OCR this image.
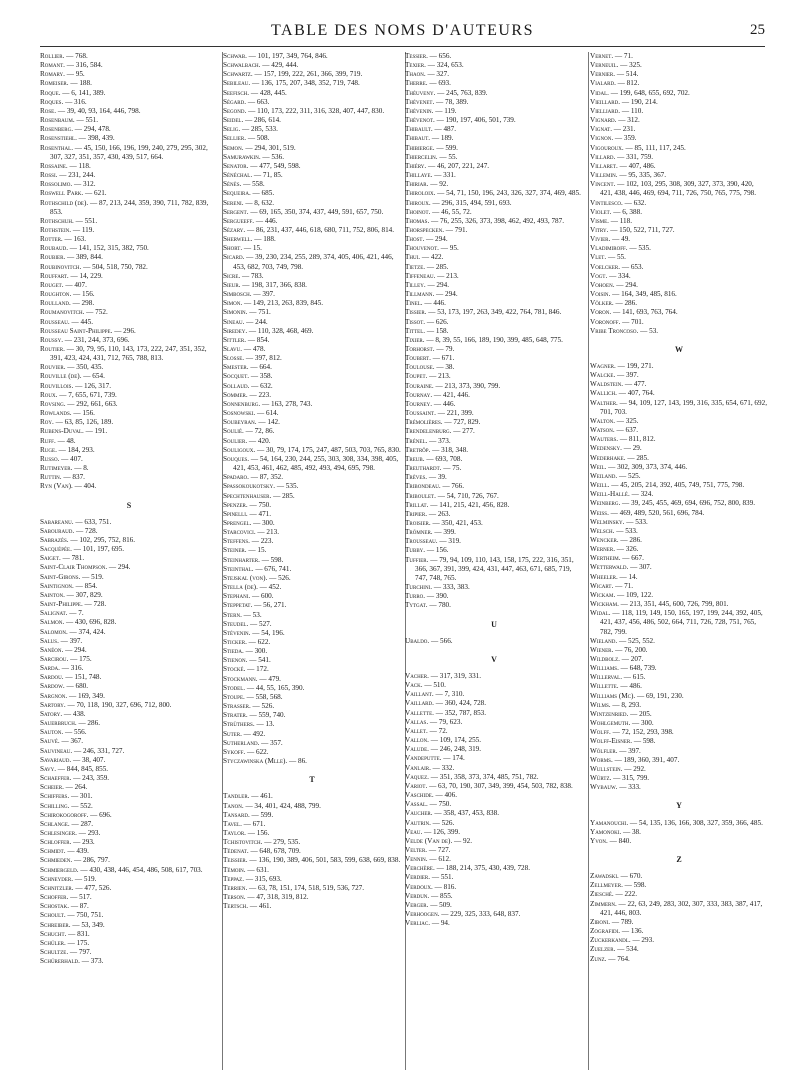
TABLE DES NOMS D'AUTEURS	25

Rollier. — 768.

Romant. — 316, 584.

Romary. — 95.

Romeiser. — 188.

Roque. — 6, 141, 389.

Roques. — 316.

Rose. — 39, 40, 93, 164, 446, 798.

Rosenbaum. — 551.

Rosenberg. — 294, 478.

Rosenstiehl. — 398, 439.

Rosenthal. — 45, 150, 166, 196, 199, 240, 279, 295, 302, 307, 327, 351, 357, 430, 439, 517, 664.

Rossaine. — 118.

Rossi. — 231, 244.

Rossolimo. — 312.

Roswell Park. — 621.

Rothschild (de). — 87, 213, 244, 359, 390, 711, 782, 839, 853.

Rothschuh. — 551.

Rothstein. — 119.

Rotter. — 163.

Roubaud. — 141, 152, 315, 382, 750.

Roubier. — 389, 844.

Roubinovitch. — 504, 518, 750, 782.

Rouffart. — 14, 229.

Rouget. — 407.

Roughton. — 156.

Roulland. — 298.

Roumanovitch. — 752.

Rousseau. — 445.

Rousseau Saint-Philippe. — 296.

Roussy. — 231, 244, 373, 696.

Routier. — 30, 79, 95, 110, 143, 173, 222, 247, 351, 352, 391, 423, 424, 431, 712, 765, 788, 813.

Rouvier. — 350, 435.

Rouville (de). — 654.

Rouvillois. — 126, 317.

Roux. — 7, 655, 671, 739.

Rovsing. — 292, 661, 663.

Rowlands. — 156.

Roy. — 63, 85, 126, 189.

Rubens-Duval. — 191.

Ruff. — 48.

Ruge. — 184, 293.

Russo. — 407.

Rutimeyer. — 8.

Ruttin. — 837.

Ryn (Van). — 404.

S

Sabareanu. — 633, 751.

Sabouraud. — 728.

Sabrazès. — 102, 295, 752, 816.

Sacquépée. — 101, 197, 695.

Saiget. — 781.

Saint-Clair Thompson. — 294.

Saint-Girons. — 519.

Saintignon. — 854.

Sainton. — 307, 829.

Saint-Philippe. — 728.

Salignat. — 7.

Salmon. — 430, 696, 828.

Salomon. — 374, 424.

Salus. — 397.

Sanéon. — 294.

Sarcirou. — 175.

Sarda. — 316.

Sardou. — 151, 748.

Sardow. — 680.

Sargnon. — 169, 349.

Sartory. — 70, 118, 190, 327, 696, 712, 800.

Satory. — 438.

Sauerbruch. — 286.

Sauton. — 556.

Sauvé. — 367.

Sauvineau. — 246, 331, 727.

Savariaud. — 38, 407.

Savy. — 844, 845, 855.

Schaeffer. — 243, 359.

Scheier. — 264.

Schiffers. — 301.

Schilling. — 552.

Schirokogoroff. — 696.

Schlange. — 287.

Schlesinger. — 293.

Schloffer. — 293.

Schmidt. — 439.

Schmieden. — 286, 797.

Schmiergeld. — 430, 438, 446, 454, 486, 508, 617, 703.

Schneyder. — 519.

Schnitzler. — 477, 526.

Schoffer. — 517.

Schostak. — 87.

Schoult. — 750, 751.

Schreiber. — 53, 349.

Schucht. — 831.

Schüler. — 175.

Schultze. — 797.

Schürerhald. — 373.

Schwab. — 101, 197, 349, 764, 846.

Schwalbach. — 429, 444.

Schwartz. — 157, 199, 222, 261, 366, 399, 719.

Sebileau. — 136, 175, 207, 348, 352, 719, 748.

Seefisch. — 428, 445.

Ségard. — 663.

Segond. — 110, 173, 222, 311, 316, 328, 407, 447, 830.

Seidel. — 286, 614.

Selig. — 285, 533.

Sellier. — 508.

Semon. — 294, 301, 519.

Samurawkin. — 536.

Senator. — 477, 549, 598.

Sénéchal. — 71, 85.

Sénès. — 558.

Sequeira. — 685.

Sereni. — 8, 632.

Sergent. — 69, 165, 350, 374, 437, 449, 591, 657, 750.

Sergueeff. — 446.

Sézary. — 86, 231, 437, 446, 618, 680, 711, 752, 806, 814.

Sherwell. — 188.

Short. — 15.

Sicard. — 39, 230, 234, 255, 289, 374, 405, 406, 421, 446, 453, 682, 703, 749, 798.

Sicre. — 783.

Sieur. — 198, 317, 366, 838.

Simbosch. — 397.

Simon. — 149, 213, 263, 839, 845.

Simonin. — 751.

Sineau. — 244.

Siredey. — 110, 328, 468, 469.

Sittler. — 854.

Slavu. — 478.

Slosse. — 397, 812.

Smester. — 664.

Socquet. — 358.

Sollaud. — 632.

Sommer. — 223.

Sonnenburg. — 163, 278, 743.

Sosnowski. — 614.

Soubeyran. — 142.

Soulié. — 72, 86.

Soulier. — 420.

Souligoux. — 30, 79, 174, 175, 247, 487, 503, 703, 765, 830.

Souques. — 54, 164, 230, 244, 255, 303, 308, 334, 398, 405, 421, 453, 461, 462, 485, 492, 493, 494, 695, 798.

Spadaro. — 87, 352.

Spassokoukotsky. — 535.

Spechtenhauser. — 285.

Spenzer. — 750.

Spinelli. — 471.

Sprengel. — 300.

Starcovici. — 213.

Steffens. — 223.

Steiner. — 15.

Steinharter. — 598.

Steinthal. — 676, 741.

Stejskal (von). — 526.

Stella (de). — 452.

Stephani. — 600.

Steppetat. — 56, 271.

Stern. — 53.

Steudel. — 527.

Stévenin. — 54, 196.

Sticker. — 622.

Stieda. — 300.

Stienon. — 541.

Stocké. — 172.

Stockmann. — 479.

Stodel. — 44, 55, 165, 390.

Stoupe. — 558, 568.

Strasser. — 526.

Strater. — 559, 740.

Strüthers. — 13.

Suter. — 492.

Sutherland. — 357.

Sykoff. — 622.

Styczawinska (Mlle). — 86.

T

Tandler. — 461.

Tanon. — 34, 401, 424, 488, 799.

Tansard. — 599.

Tavel. — 671.

Taylor. — 156.

Tchistovitch. — 279, 535.

Tédenat. — 648, 678, 709.

Teissier. — 136, 190, 389, 406, 501, 583, 599, 638, 669, 838.

Témoin. — 631.

Teppaz. — 315, 693.

Terrien. — 63, 78, 151, 174, 518, 519, 536, 727.

Terson. — 47, 318, 319, 812.

Tertsch. — 461.

Tessier. — 656.

Texier. — 324, 653.

Thaon. — 327.

Therre. — 693.

Théuveny. — 245, 763, 839.

Thévenet. — 78, 389.

Thévenin. — 119.

Thévenot. — 190, 197, 406, 501, 739.

Thibault. — 487.

Thibaut. — 189.

Thibierge. — 599.

Thiercelin. — 55.

Thiéry. — 46, 207, 221, 247.

Thillaye. — 331.

Thiriar. — 92.

Thiroloix. — 54, 71, 150, 196, 243, 326, 327, 374, 469, 485.

Thiroux. — 296, 315, 494, 591, 693.

Thoinot. — 46, 55, 72.

Thomas. — 76, 255, 326, 373, 398, 462, 492, 493, 787.

Thorspecken. — 791.

Thost. — 294.

Thouvenot. — 95.

Thui. — 422.

Tietze. — 285.

Tiffeneau. — 213.

Tilley. — 294.

Tillmann. — 294.

Tinel. — 446.

Tissier. — 53, 173, 197, 263, 349, 422, 764, 781, 846.

Tissot. — 626.

Tittel. — 158.

Tixier. — 8, 39, 55, 166, 189, 190, 399, 485, 648, 775.

Torhorst. — 79.

Toubert. — 671.

Toulouse. — 38.

Toupet. — 213.

Touraine. — 213, 373, 390, 799.

Tournay. — 421, 446.

Tourney. — 446.

Toussaint. — 221, 399.

Trémolières. — 727, 829.

Trendelenburg. — 277.

Trénel. — 373.

Tretrôp. — 318, 348.

Treub. — 693, 708.

Treuthardt. — 75.

Trèves. — 39.

Tribondeau. — 766.

Triboulet. — 54, 710, 726, 767.

Trillat. — 141, 215, 421, 456, 828.

Tripier. — 263.

Troisier. — 350, 421, 453.

Trömner. — 399.

Trousseau. — 319.

Tubby. — 156.

Tuffier. — 79, 94, 109, 110, 143, 158, 175, 222, 316, 351, 366, 367, 391, 399, 424, 431, 447, 463, 671, 685, 719, 747, 748, 765.

Turchini. — 333, 383.

Turro. — 390.

Tytgat. — 780.

U

Ubaldo. — 566.

V

Vacher. — 317, 319, 331.

Vack. — 510.

Vaillant. — 7, 310.

Vaillard. — 360, 424, 728.

Vallette. — 352, 787, 853.

Vallas. — 79, 623.

Vallet. — 72.

Vallon. — 109, 174, 255.

Valude. — 246, 248, 319.

Vandeputte. — 174.

Vanlair. — 332.

Vaquez. — 351, 358, 373, 374, 485, 751, 782.

Variot. — 63, 70, 190, 307, 349, 399, 454, 503, 782, 838.

Vaschide. — 406.

Vassal. — 750.

Vaucher. — 358, 437, 453, 838.

Vautrin. — 526.

Veau. — 126, 399.

Velde (Van de). — 92.

Velter. — 727.

Vennin. — 612.

Verchère. — 188, 214, 375, 430, 439, 728.

Verdier. — 551.

Verdoux. — 816.

Verdun. — 855.

Verger. — 509.

Verhoogen. — 229, 325, 333, 648, 837.

Verliac. — 94.

Vernet. — 71.

Verneuil. — 325.

Vernier. — 514.

Vialard. — 812.

Vidal. — 199, 648, 655, 692, 702.

Vieillard. — 190, 214.

Vielliard. — 110.

Vignard. — 312.

Vignat. — 231.

Vignon. — 359.

Vigouroux. — 85, 111, 117, 245.

Villard. — 331, 759.

Villaret. — 407, 486.

Villemin. — 95, 335, 367.

Vincent. — 102, 103, 295, 308, 309, 327, 373, 390, 420, 421, 438, 446, 469, 694, 711, 726, 750, 765, 775, 798.

Vintilesco. — 632.

Violet. — 6, 388.

Visme. — 118.

Vitry. — 150, 522, 711, 727.

Vivier. — 49.

Vladimiroff. — 535.

Vlet. — 55.

Voelcker. — 653.

Vogt. — 334.

Vohoen. — 294.

Voisin. — 164, 349, 485, 816.

Völker. — 286.

Voron. — 141, 693, 763, 764.

Voronoff. — 701.

Vribe Troncoso. — 53.

W

Wagner. — 199, 271.

Walcke. — 397.

Waldstein. — 477.

Wallich. — 407, 764.

Walther. — 94, 109, 127, 143, 199, 316, 335, 654, 671, 692, 701, 703.

Walton. — 325.

Watson. — 637.

Wauters. — 811, 812.

Wedensky. — 29.

Wederhake. — 285.

Weil. — 302, 309, 373, 374, 446.

Weiland. — 525.

Weill. — 45, 205, 214, 392, 405, 749, 751, 775, 798.

Weill-Hallé. — 324.

Weinberg. — 39, 245, 455, 469, 694, 696, 752, 800, 839.

Weiss. — 469, 489, 520, 561, 696, 784.

Welminsky. — 533.

Welsch. — 533.

Wencker. — 286.

Werner. — 326.

Wertheim. — 667.

Wetterwald. — 307.

Wheeler. — 14.

Wicart. — 71.

Wickam. — 109, 122.

Wickham. — 213, 351, 445, 600, 726, 799, 801.

Widal. — 118, 119, 149, 150, 165, 197, 199, 244, 392, 405, 421, 437, 456, 486, 502, 664, 711, 726, 728, 751, 765, 782, 799.

Wieland. — 525, 552.

Wiener. — 76, 200.

Wildbolz. — 207.

Williams. — 648, 739.

Willerval. — 615.

Willette. — 486.

Williams (Mc). — 69, 191, 230.

Wilms. — 8, 293.

Wintzenried. — 205.

Wohlgemuth. — 300.

Wolff. — 72, 152, 293, 398.

Wolff-Eisner. — 598.

Wölfler. — 397.

Worms. — 189, 360, 391, 407.

Wullstein. — 292.

Würtz. — 315, 799.

Wybauw. — 333.

Y

Yamanouchi. — 54, 135, 136, 166, 308, 327, 359, 366, 485.

Yamonoki. — 38.

Yvon. — 840.

Z

Zawadski. — 670.

Zellmeyer. — 598.

Ziesché. — 222.

Zimmern. — 22, 63, 249, 283, 302, 307, 333, 383, 387, 417, 421, 446, 803.

Ziboni. — 789.

Zografidi. — 136.

Zuckerkandl. — 293.

Zuelzer. — 534.

Zunz. — 764.
